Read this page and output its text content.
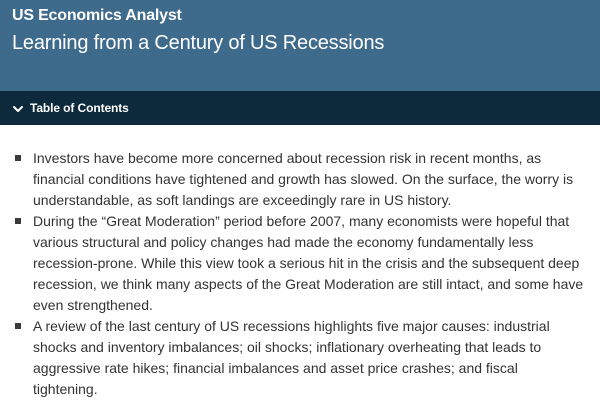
US Economics Analyst
Learning from a Century of US Recessions
Table of Contents
Investors have become more concerned about recession risk in recent months, as financial conditions have tightened and growth has slowed. On the surface, the worry is understandable, as soft landings are exceedingly rare in US history.
During the “Great Moderation” period before 2007, many economists were hopeful that various structural and policy changes had made the economy fundamentally less recession-prone. While this view took a serious hit in the crisis and the subsequent deep recession, we think many aspects of the Great Moderation are still intact, and some have even strengthened.
A review of the last century of US recessions highlights five major causes: industrial shocks and inventory imbalances; oil shocks; inflationary overheating that leads to aggressive rate hikes; financial imbalances and asset price crashes; and fiscal tightening.
